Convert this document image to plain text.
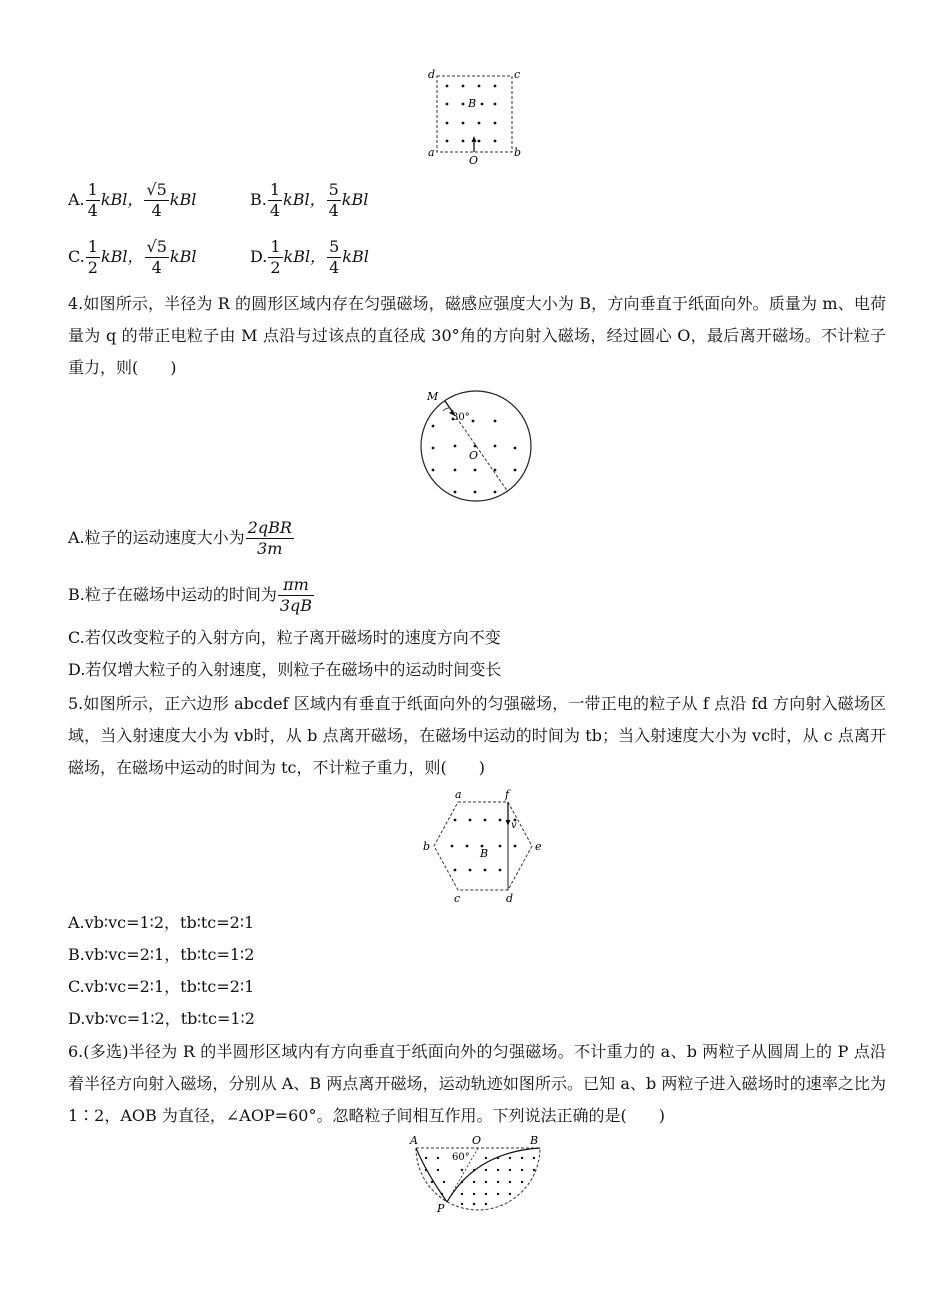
d	c
a	b
B
O
A. $\frac{1}{4}$ kBl， $\frac{√5}{4}$ kBl	B. $\frac{1}{4}$ kBl， $\frac{5}{4}$ kBl
C. $\frac{1}{2}$ kBl， $\frac{√5}{4}$ kBl	D. $\frac{1}{2}$ kBl， $\frac{5}{4}$ kBl
4.如图所示，半径为 R 的圆形区域内存在匀强磁场，磁感应强度大小为 B，方向垂直于纸面向外。质量为 m、电荷量为 q 的带正电粒子由 M 点沿与过该点的直径成 30°角的方向射入磁场，经过圆心 O，最后离开磁场。不计粒子重力，则(　　)
M
30°
O
A.粒子的运动速度大小为 $\frac{\text{2qBR}}{3m}$
B.粒子在磁场中运动的时间为 $\frac{\pi m}{3qB}$
C.若仅改变粒子的入射方向，粒子离开磁场时的速度方向不变
D.若仅增大粒子的入射速度，则粒子在磁场中的运动时间变长
5.如图所示，正六边形 abcdef 区域内有垂直于纸面向外的匀强磁场，一带正电的粒子从 f 点沿 fd 方向射入磁场区域，当入射速度大小为 vb时，从 b 点离开磁场，在磁场中运动的时间为 tb；当入射速度大小为 vc时，从 c 点离开磁场，在磁场中运动的时间为 tc，不计粒子重力，则(　　)
a	f
v
b
B
e
c	d
A.vb∶vc=1∶2，tb∶tc=2∶1
B.vb∶vc=2∶1，tb∶tc=1∶2
C.vb∶vc=2∶1，tb∶tc=2∶1
D.vb∶vc=1∶2，tb∶tc=1∶2
6.(多选)半径为 R 的半圆形区域内有方向垂直于纸面向外的匀强磁场。不计重力的 a、b 两粒子从圆周上的 P 点沿着半径方向射入磁场，分别从 A、B 两点离开磁场，运动轨迹如图所示。已知 a、b 两粒子进入磁场时的速率之比为 1∶2，AOB 为直径，∠AOP=60°。忽略粒子间相互作用。下列说法正确的是(　　)
A	O	B
60°
P
